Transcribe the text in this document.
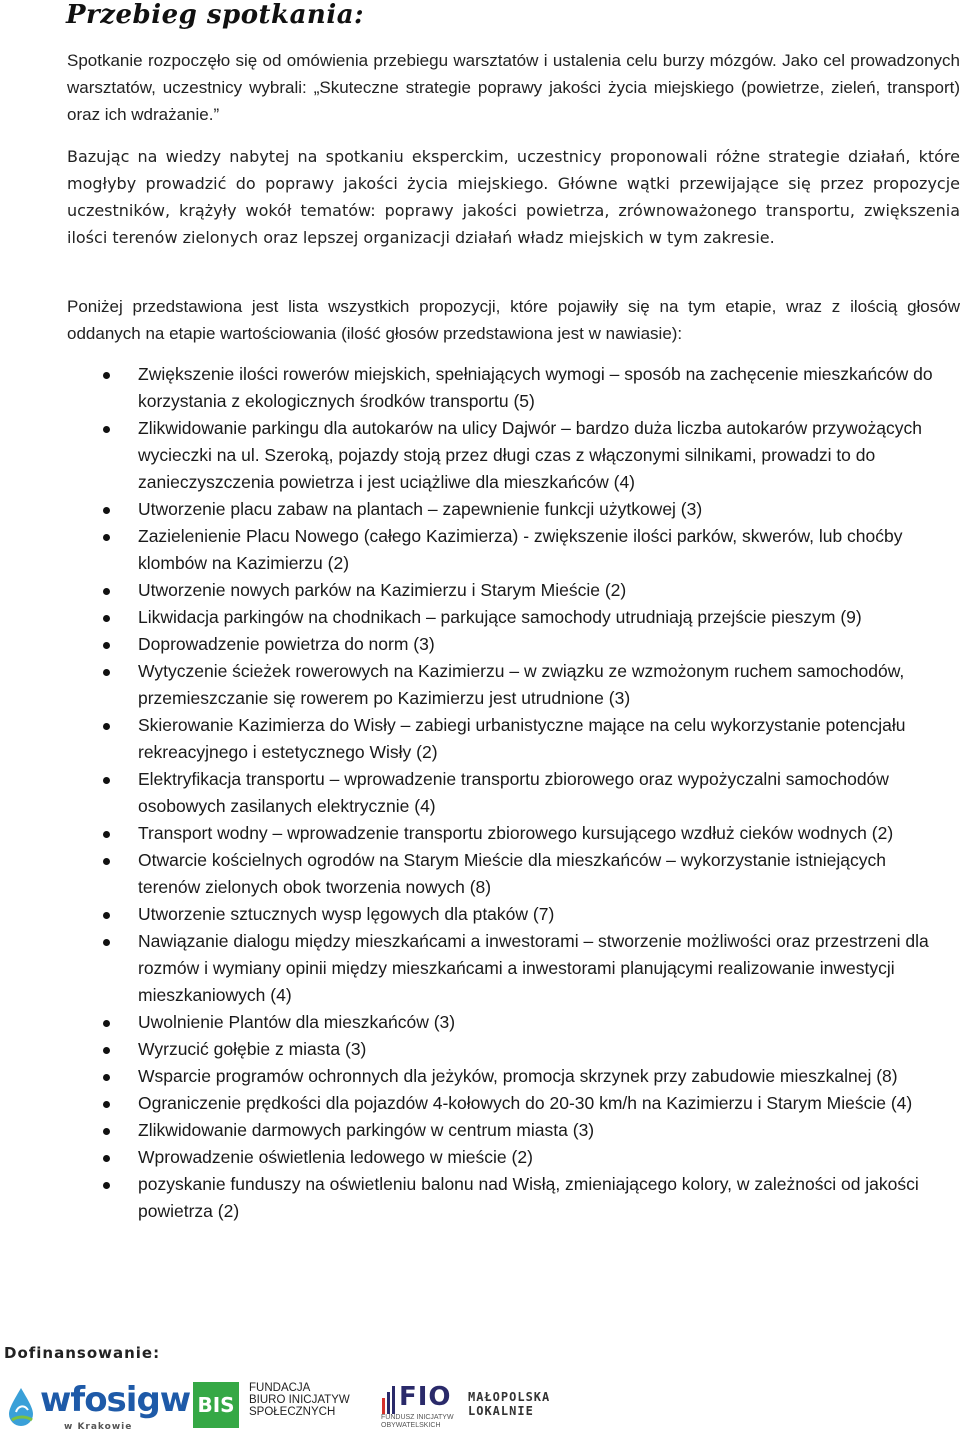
Przebieg spotkania:

Spotkanie rozpoczęło się od omówienia przebiegu warsztatów i ustalenia celu burzy mózgów. Jako cel prowadzonych warsztatów, uczestnicy wybrali: „Skuteczne strategie poprawy jakości życia miejskiego (powietrze, zieleń, transport) oraz ich wdrażanie.”

Bazując na wiedzy nabytej na spotkaniu eksperckim, uczestnicy proponowali różne strategie działań, które mogłyby prowadzić do poprawy jakości życia miejskiego. Główne wątki przewijające się przez propozycje uczestników, krążyły wokół tematów: poprawy jakości powietrza, zrównoważonego transportu, zwiększenia ilości terenów zielonych oraz lepszej organizacji działań władz miejskich w tym zakresie.

Poniżej przedstawiona jest lista wszystkich propozycji, które pojawiły się na tym etapie, wraz z ilością głosów oddanych na etapie wartościowania (ilość głosów przedstawiona jest w nawiasie):

Zwiększenie ilości rowerów miejskich, spełniających wymogi – sposób na zachęcenie mieszkańców do korzystania z ekologicznych środków transportu (5)
Zlikwidowanie parkingu dla autokarów na ulicy Dajwór – bardzo duża liczba autokarów przywożących wycieczki na ul. Szeroką, pojazdy stoją przez długi czas z włączonymi silnikami, prowadzi to do zanieczyszczenia powietrza i jest uciążliwe dla mieszkańców (4)
Utworzenie placu zabaw na plantach – zapewnienie funkcji użytkowej (3)
Zazielenienie Placu Nowego (całego Kazimierza) - zwiększenie ilości parków, skwerów, lub choćby klombów na Kazimierzu (2)
Utworzenie nowych parków na Kazimierzu i Starym Mieście (2)
Likwidacja parkingów na chodnikach – parkujące samochody utrudniają przejście pieszym (9)
Doprowadzenie powietrza do norm (3)
Wytyczenie ścieżek rowerowych na Kazimierzu – w związku ze wzmożonym ruchem samochodów, przemieszczanie się rowerem po Kazimierzu jest utrudnione (3)
Skierowanie Kazimierza do Wisły – zabiegi urbanistyczne mające na celu wykorzystanie potencjału rekreacyjnego i estetycznego Wisły (2)
Elektryfikacja transportu – wprowadzenie transportu zbiorowego oraz wypożyczalni samochodów osobowych zasilanych elektrycznie (4)
Transport wodny – wprowadzenie transportu zbiorowego kursującego wzdłuż cieków wodnych (2)
Otwarcie kościelnych ogrodów na Starym Mieście dla mieszkańców – wykorzystanie istniejących terenów zielonych obok tworzenia nowych (8)
Utworzenie sztucznych wysp lęgowych dla ptaków (7)
Nawiązanie dialogu między mieszkańcami a inwestorami – stworzenie możliwości oraz przestrzeni dla rozmów i wymiany opinii między mieszkańcami a inwestorami planującymi realizowanie inwestycji mieszkaniowych (4)
Uwolnienie Plantów dla mieszkańców (3)
Wyrzucić gołębie z miasta (3)
Wsparcie programów ochronnych dla jeżyków, promocja skrzynek przy zabudowie mieszkalnej (8)
Ograniczenie prędkości dla pojazdów 4-kołowych do 20-30 km/h na Kazimierzu i Starym Mieście (4)
Zlikwidowanie darmowych parkingów w centrum miasta (3)
Wprowadzenie oświetlenia ledowego w mieście (2)
pozyskanie funduszy na oświetleniu balonu nad Wisłą, zmieniającego kolory, w zależności od jakości powietrza (2)

Dofinansowanie:

wfosigw
w Krakowie
BIS
FUNDACJA
BIURO INICJATYW
SPOŁECZNYCH	FIO
FUNDUSZ INICJATYW OBYWATELSKICH
MAŁOPOLSKA
LOKALNIE
